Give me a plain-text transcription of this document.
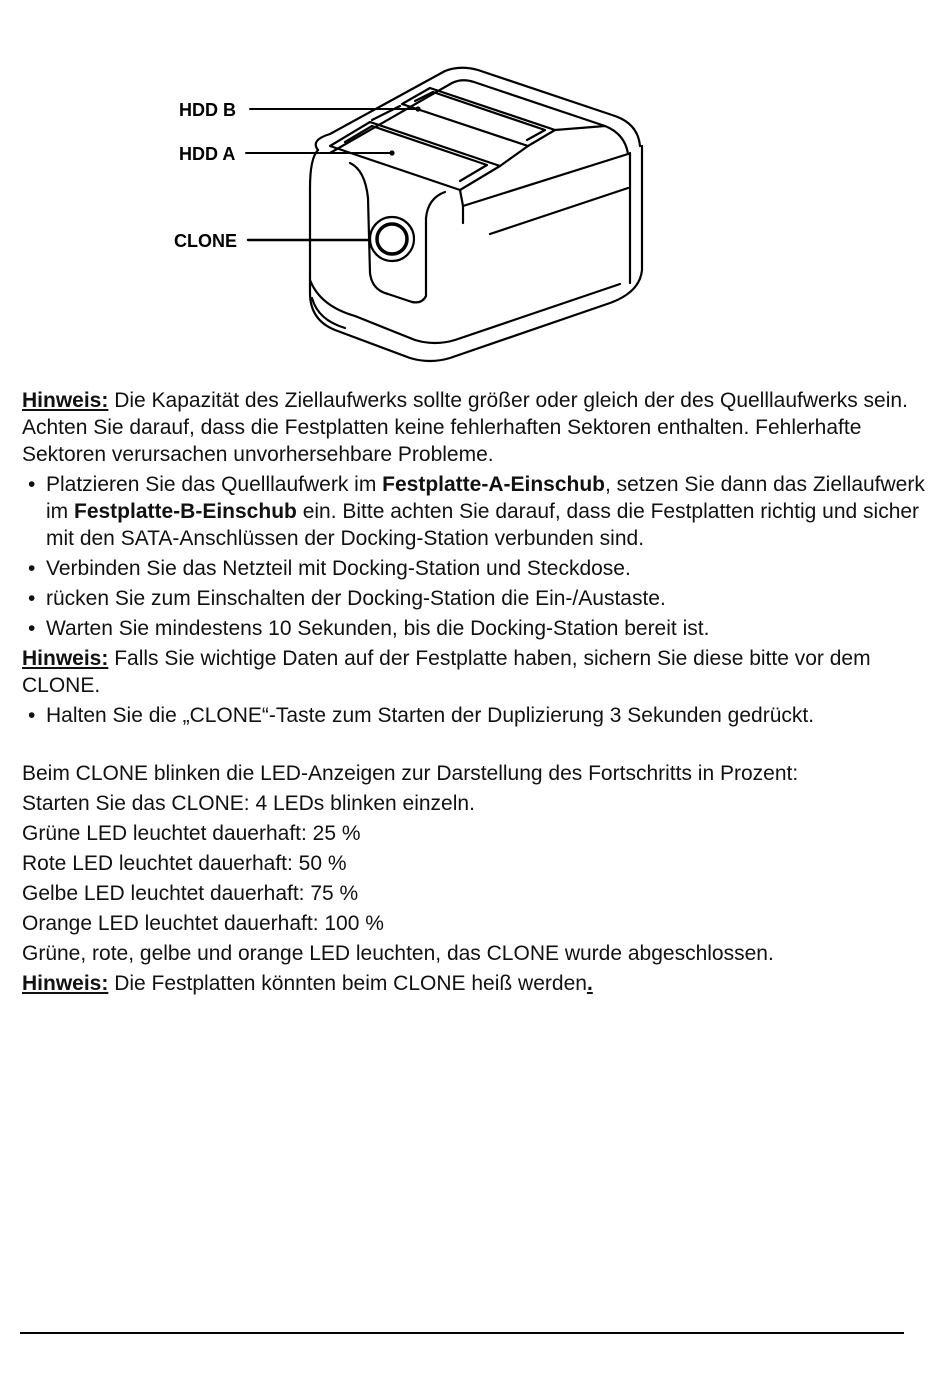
HDD B
HDD A
CLONE

Hinweis: Die Kapazität des Ziellaufwerks sollte größer oder gleich der des Quelllaufwerks sein. Achten Sie darauf, dass die Festplatten keine fehlerhaften Sektoren enthalten. Fehlerhafte Sektoren verursachen unvorhersehbare Probleme.

• Platzieren Sie das Quelllaufwerk im Festplatte-A-Einschub, setzen Sie dann das Ziellaufwerk im Festplatte-B-Einschub ein. Bitte achten Sie darauf, dass die Festplatten richtig und sicher mit den SATA-Anschlüssen der Docking-Station verbunden sind.
• Verbinden Sie das Netzteil mit Docking-Station und Steckdose.
• rücken Sie zum Einschalten der Docking-Station die Ein-/Austaste.
• Warten Sie mindestens 10 Sekunden, bis die Docking-Station bereit ist.

Hinweis: Falls Sie wichtige Daten auf der Festplatte haben, sichern Sie diese bitte vor dem CLONE.

• Halten Sie die „CLONE“-Taste zum Starten der Duplizierung 3 Sekunden gedrückt.

Beim CLONE blinken die LED-Anzeigen zur Darstellung des Fortschritts in Prozent:

Starten Sie das CLONE: 4 LEDs blinken einzeln.

Grüne LED leuchtet dauerhaft: 25 %

Rote LED leuchtet dauerhaft: 50 %

Gelbe LED leuchtet dauerhaft: 75 %

Orange LED leuchtet dauerhaft: 100 %

Grüne, rote, gelbe und orange LED leuchten, das CLONE wurde abgeschlossen.

Hinweis: Die Festplatten könnten beim CLONE heiß werden.
